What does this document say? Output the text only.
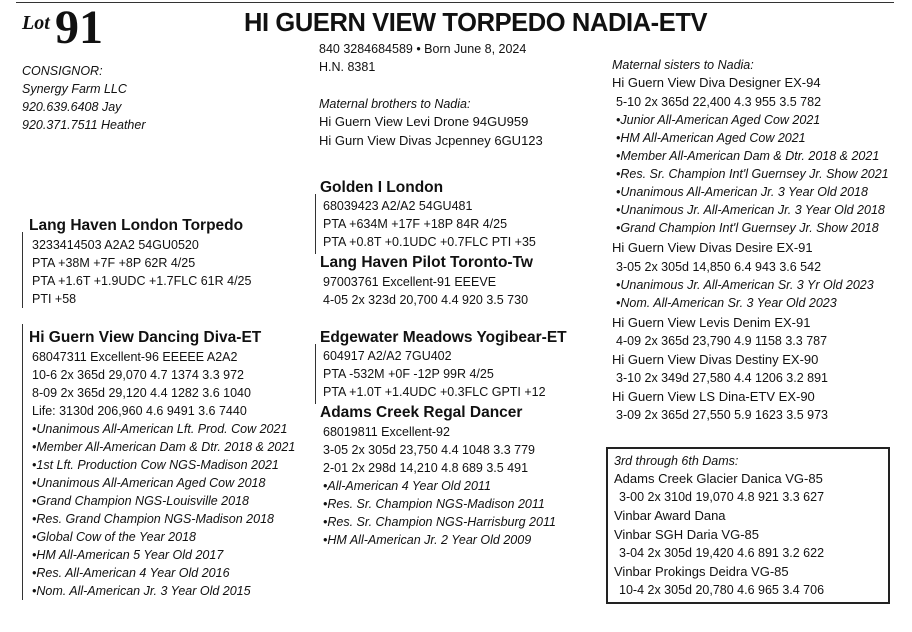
Lot 91	HI GUERN VIEW TORPEDO NADIA-ETV
CONSIGNOR:
Synergy Farm LLC
920.639.6408 Jay
920.371.7511 Heather
840 3284684589 • Born June 8, 2024
H.N. 8381
Maternal brothers to Nadia:
Hi Guern View Levi Drone 94GU959
Hi Gurn View Divas Jcpenney 6GU123
Lang Haven London Torpedo
3233414503 A2A2 54GU0520
PTA +38M +7F +8P 62R 4/25
PTA +1.6T +1.9UDC +1.7FLC 61R 4/25
PTI +58
Hi Guern View Dancing Diva-ET
68047311 Excellent-96 EEEEE A2A2
10-6 2x 365d 29,070 4.7 1374 3.3 972
8-09 2x 365d 29,120 4.4 1282 3.6 1040
Life: 3130d 206,960 4.6 9491 3.6 7440
•Unanimous All-American Lft. Prod. Cow 2021
•Member All-American Dam & Dtr. 2018 & 2021
•1st Lft. Production Cow NGS-Madison 2021
•Unanimous All-American Aged Cow 2018
•Grand Champion NGS-Louisville 2018
•Res. Grand Champion NGS-Madison 2018
•Global Cow of the Year 2018
•HM All-American 5 Year Old 2017
•Res. All-American 4 Year Old 2016
•Nom. All-American Jr. 3 Year Old 2015
Golden I London
68039423 A2/A2 54GU481
PTA +634M +17F +18P 84R 4/25
PTA +0.8T +0.1UDC +0.7FLC PTI +35
Lang Haven Pilot Toronto-Tw
97003761 Excellent-91 EEEVE
4-05 2x 323d 20,700 4.4 920 3.5 730
Edgewater Meadows Yogibear-ET
604917 A2/A2 7GU402
PTA -532M +0F -12P 99R 4/25
PTA +1.0T +1.4UDC +0.3FLC GPTI +12
Adams Creek Regal Dancer
68019811 Excellent-92
3-05 2x 305d 23,750 4.4 1048 3.3 779
2-01 2x 298d 14,210 4.8 689 3.5 491
•All-American 4 Year Old 2011
•Res. Sr. Champion NGS-Madison 2011
•Res. Sr. Champion NGS-Harrisburg 2011
•HM All-American Jr. 2 Year Old 2009
Maternal sisters to Nadia:
Hi Guern View Diva Designer EX-94
5-10 2x 365d 22,400 4.3 955 3.5 782
•Junior All-American Aged Cow 2021
•HM All-American Aged Cow 2021
•Member All-American Dam & Dtr. 2018 & 2021
•Res. Sr. Champion Int'l Guernsey Jr. Show 2021
•Unanimous All-American Jr. 3 Year Old 2018
•Unanimous Jr. All-American Jr. 3 Year Old 2018
•Grand Champion Int'l Guernsey Jr. Show 2018
Hi Guern View Divas Desire EX-91
3-05 2x 305d 14,850 6.4 943 3.6 542
•Unanimous Jr. All-American Sr. 3 Yr Old 2023
•Nom. All-American Sr. 3 Year Old 2023
Hi Guern View Levis Denim EX-91
4-09 2x 365d 23,790 4.9 1158 3.3 787
Hi Guern View Divas Destiny EX-90
3-10 2x 349d 27,580 4.4 1206 3.2 891
Hi Guern View LS Dina-ETV EX-90
3-09 2x 365d 27,550 5.9 1623 3.5 973
3rd through 6th Dams:
Adams Creek Glacier Danica VG-85
3-00 2x 310d 19,070 4.8 921 3.3 627
Vinbar Award Dana
Vinbar SGH Daria VG-85
3-04 2x 305d 19,420 4.6 891 3.2 622
Vinbar Prokings Deidra VG-85
10-4 2x 305d 20,780 4.6 965 3.4 706
